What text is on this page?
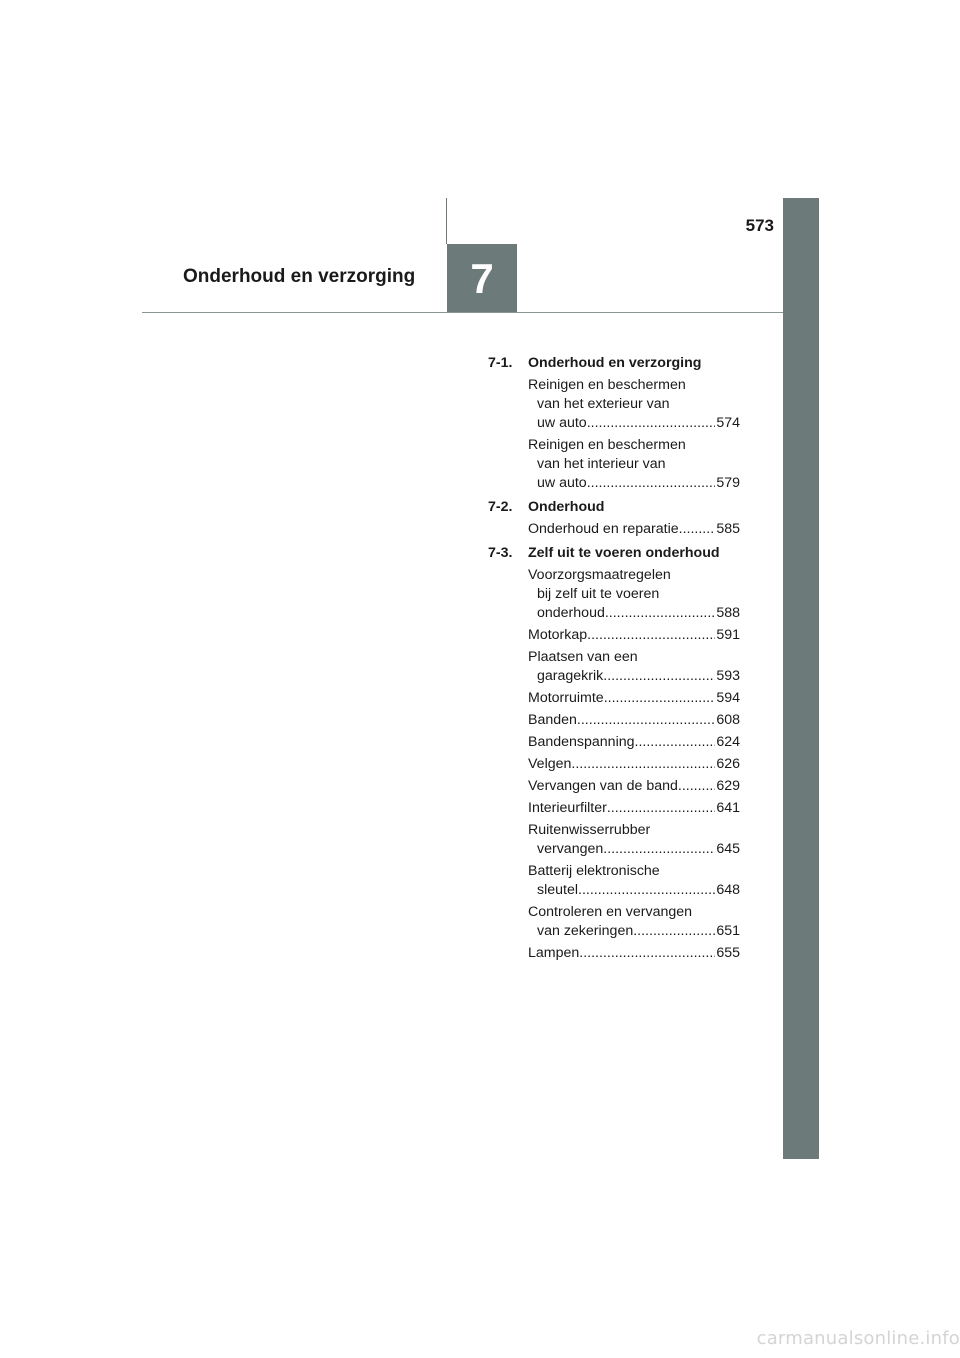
573
Onderhoud en verzorging 7
7-1.	Onderhoud en verzorging
Reinigen en beschermen
van het exterieur van
uw auto .....	574
Reinigen en beschermen
van het interieur van
uw auto .....	579
7-2.	Onderhoud
Onderhoud en reparatie .....	585
7-3.	Zelf uit te voeren onderhoud
Voorzorgsmaatregelen
bij zelf uit te voeren
onderhoud .....	588
Motorkap .....	591
Plaatsen van een
garagekrik .....	593
Motorruimte .....	594
Banden .....	608
Bandenspanning .....	624
Velgen .....	626
Vervangen van de band .....	629
Interieurfilter .....	641
Ruitenwisserrubber
vervangen .....	645
Batterij elektronische
sleutel .....	648
Controleren en vervangen
van zekeringen .....	651
Lampen .....	655
carmanualsonline.info
